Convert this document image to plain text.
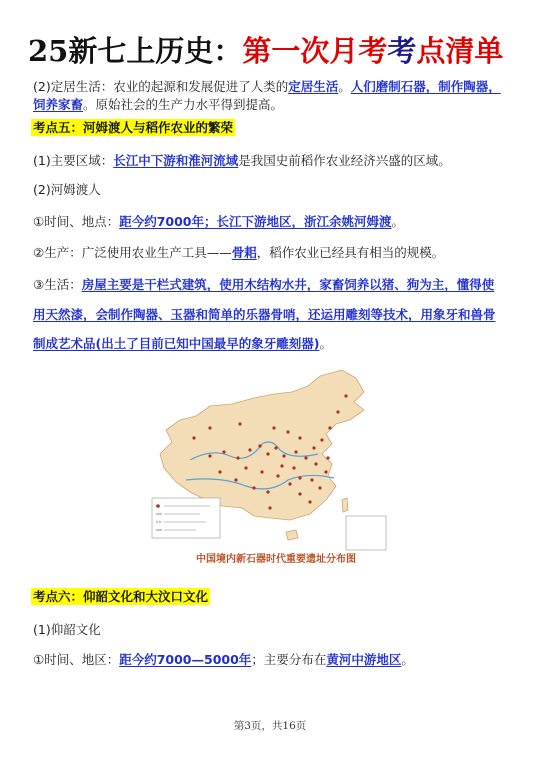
25新七上历史：第一次月考考点清单
(2)定居生活：农业的起源和发展促进了人类的定居生活。人们磨制石器，制作陶器，
饲养家畜。原始社会的生产力水平得到提高。
考点五：河姆渡人与稻作农业的繁荣
(1)主要区域：长江中下游和淮河流域是我国史前稻作农业经济兴盛的区域。
(2)河姆渡人
①时间、地点：距今约7000年；长江下游地区，浙江余姚河姆渡。
②生产：广泛使用农业生产工具——骨耜，稻作农业已经具有相当的规模。
③生活：房屋主要是干栏式建筑，使用木结构水井，家畜饲养以猪、狗为主，懂得使
用天然漆，会制作陶器、玉器和简单的乐器骨哨，还运用雕刻等技术，用象牙和兽骨
制成艺术品(出土了目前已知中国最早的象牙雕刻器)。
中国境内新石器时代重要遗址分布图
考点六：仰韶文化和大汶口文化
(1)仰韶文化
①时间、地区：距今约7000—5000年；主要分布在黄河中游地区。
第3页，共16页
